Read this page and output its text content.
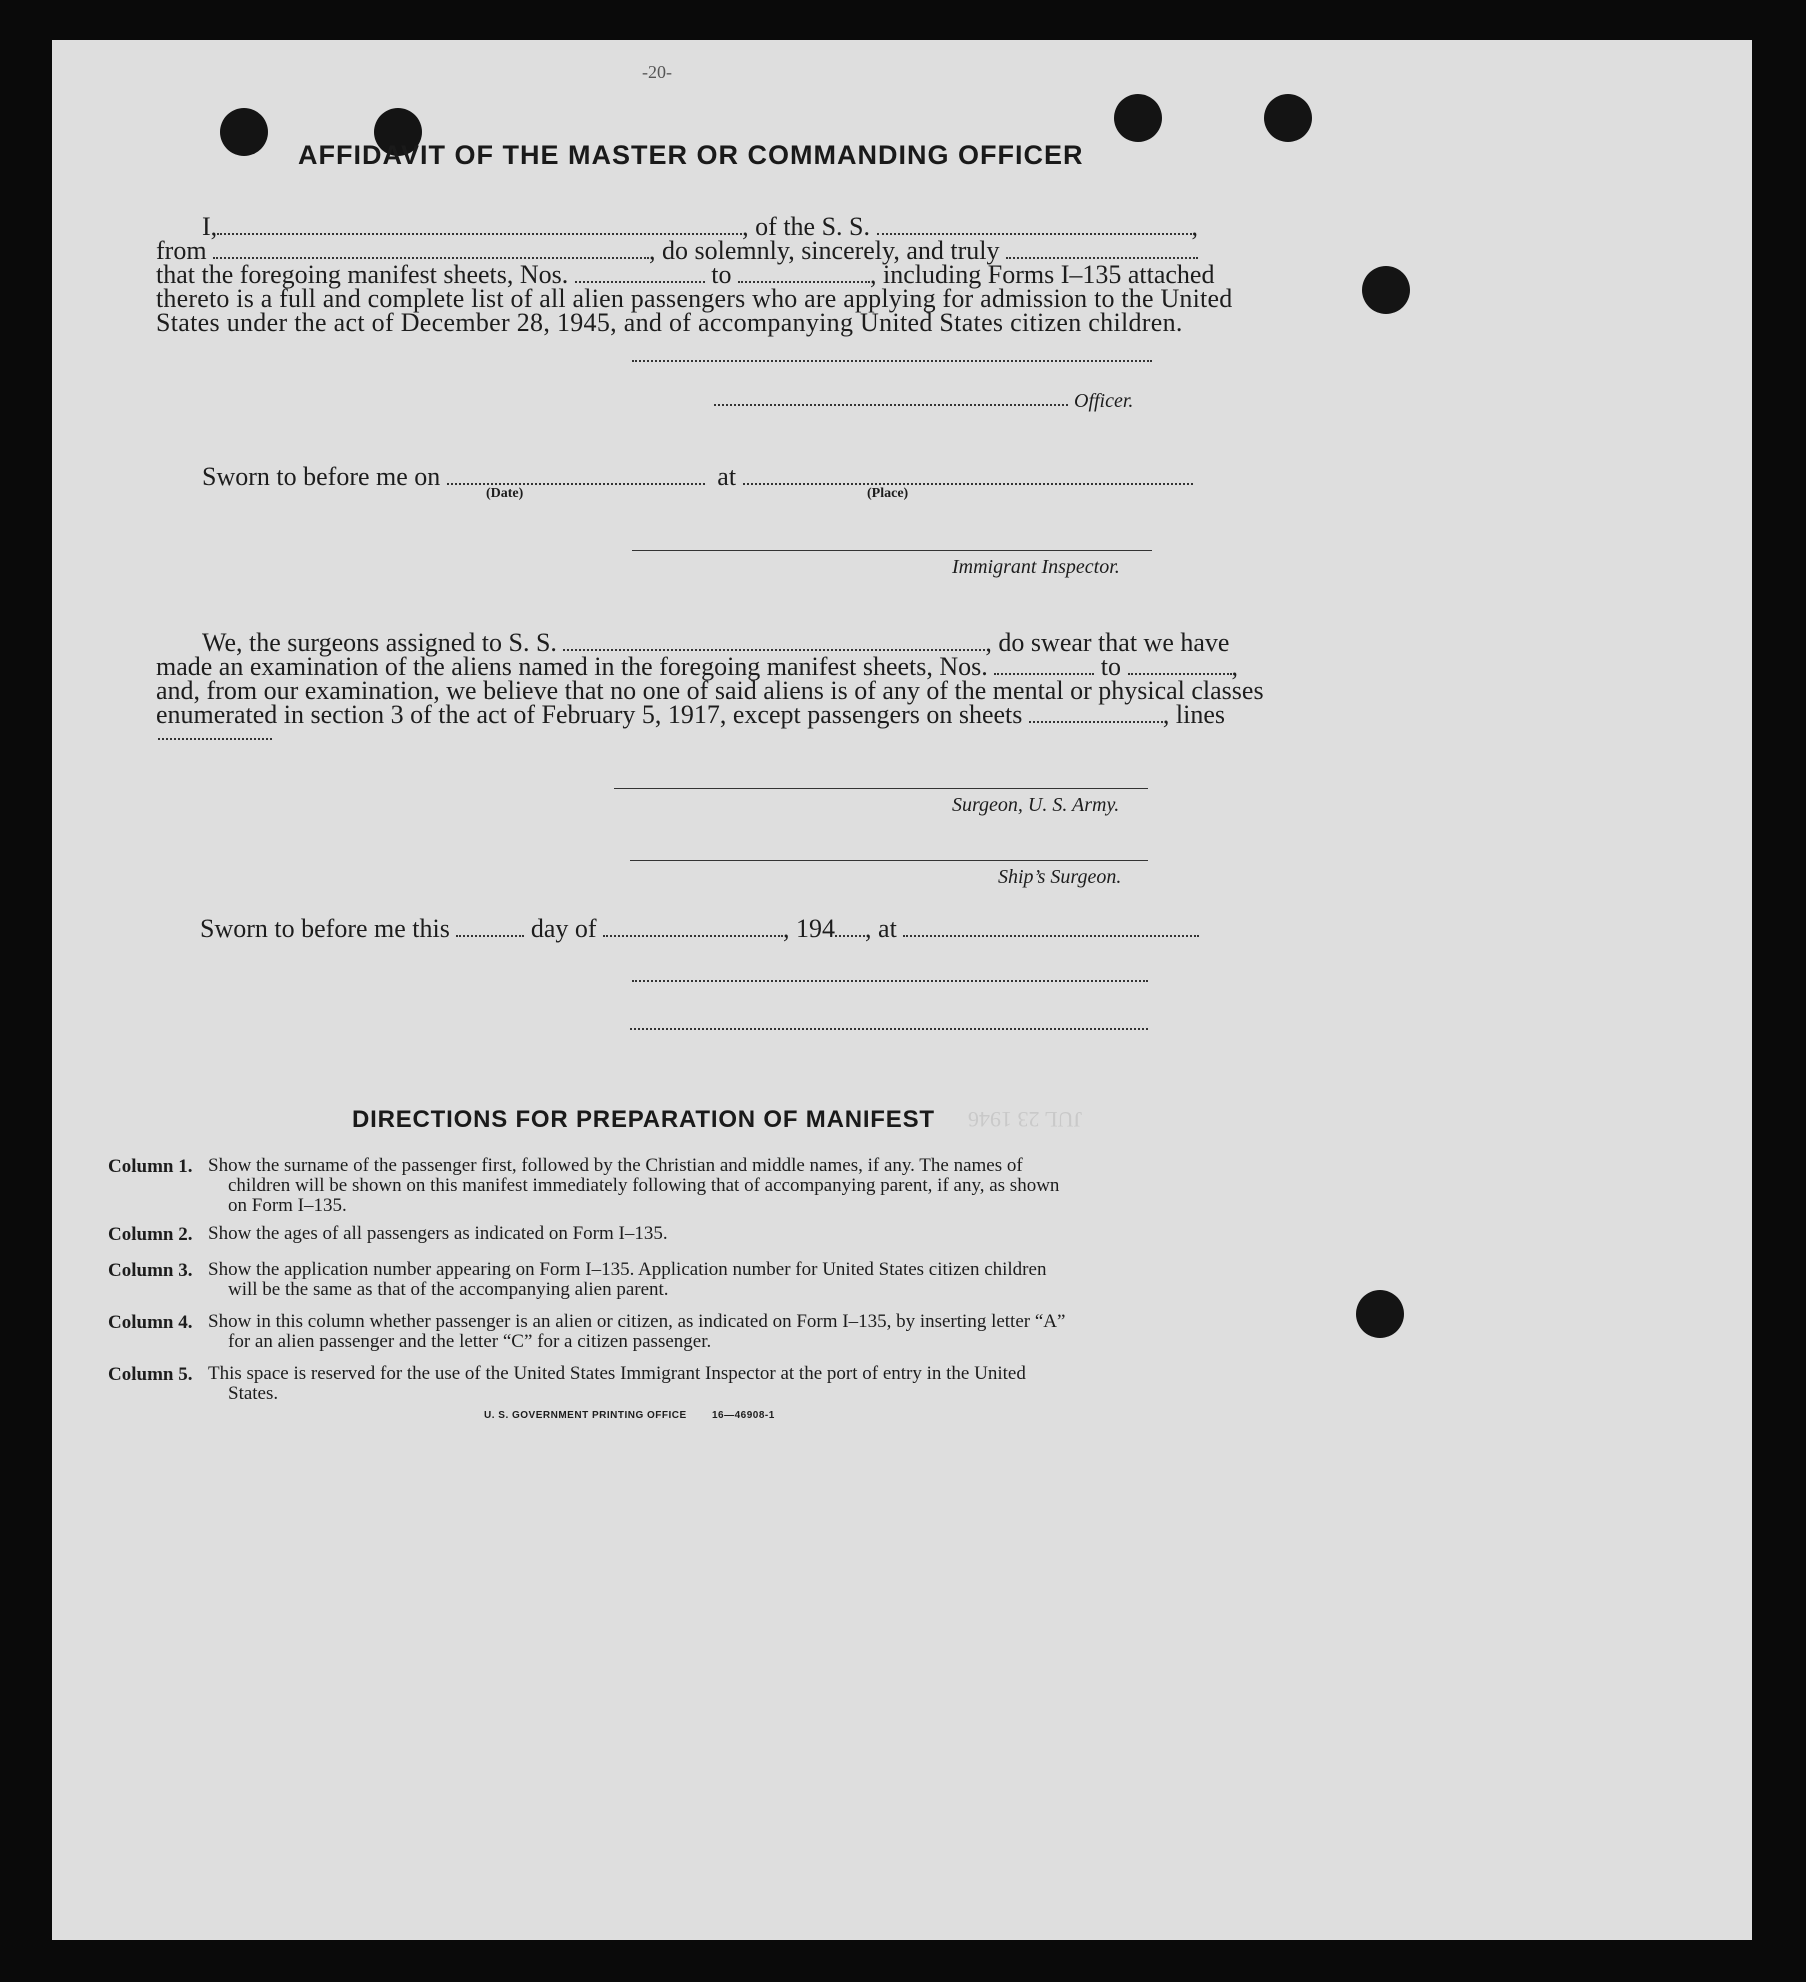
-20-
AFFIDAVIT OF THE MASTER OR COMMANDING OFFICER
I,	, of the S. S.	,
from	, do solemnly, sincerely, and truly
that the foregoing manifest sheets, Nos.	to	, including Forms I–135 attached
thereto is a full and complete list of all alien passengers who are applying for admission to the United
States under the act of December 28, 1945, and of accompanying United States citizen children.
Officer.
Sworn to before me on	at
(Date)	(Place)
Immigrant Inspector.
We, the surgeons assigned to S. S.	, do swear that we have
made an examination of the aliens named in the foregoing manifest sheets, Nos.	to	,
and, from our examination, we believe that no one of said aliens is of any of the mental or physical classes
enumerated in section 3 of the act of February 5, 1917, except passengers on sheets	, lines
Surgeon, U. S. Army.
Ship’s Surgeon.
Sworn to before me this	day of	, 194 , at
DIRECTIONS FOR PREPARATION OF MANIFEST
Column 1. Show the surname of the passenger first, followed by the Christian and middle names, if any. The names of
children will be shown on this manifest immediately following that of accompanying parent, if any, as shown
on Form I–135.
Column 2. Show the ages of all passengers as indicated on Form I–135.
Column 3. Show the application number appearing on Form I–135. Application number for United States citizen children
will be the same as that of the accompanying alien parent.
Column 4. Show in this column whether passenger is an alien or citizen, as indicated on Form I–135, by inserting letter “A”
for an alien passenger and the letter “C” for a citizen passenger.
Column 5. This space is reserved for the use of the United States Immigrant Inspector at the port of entry in the United
States.
JUL 23 1946
U. S. GOVERNMENT PRINTING OFFICE	16—46908-1
